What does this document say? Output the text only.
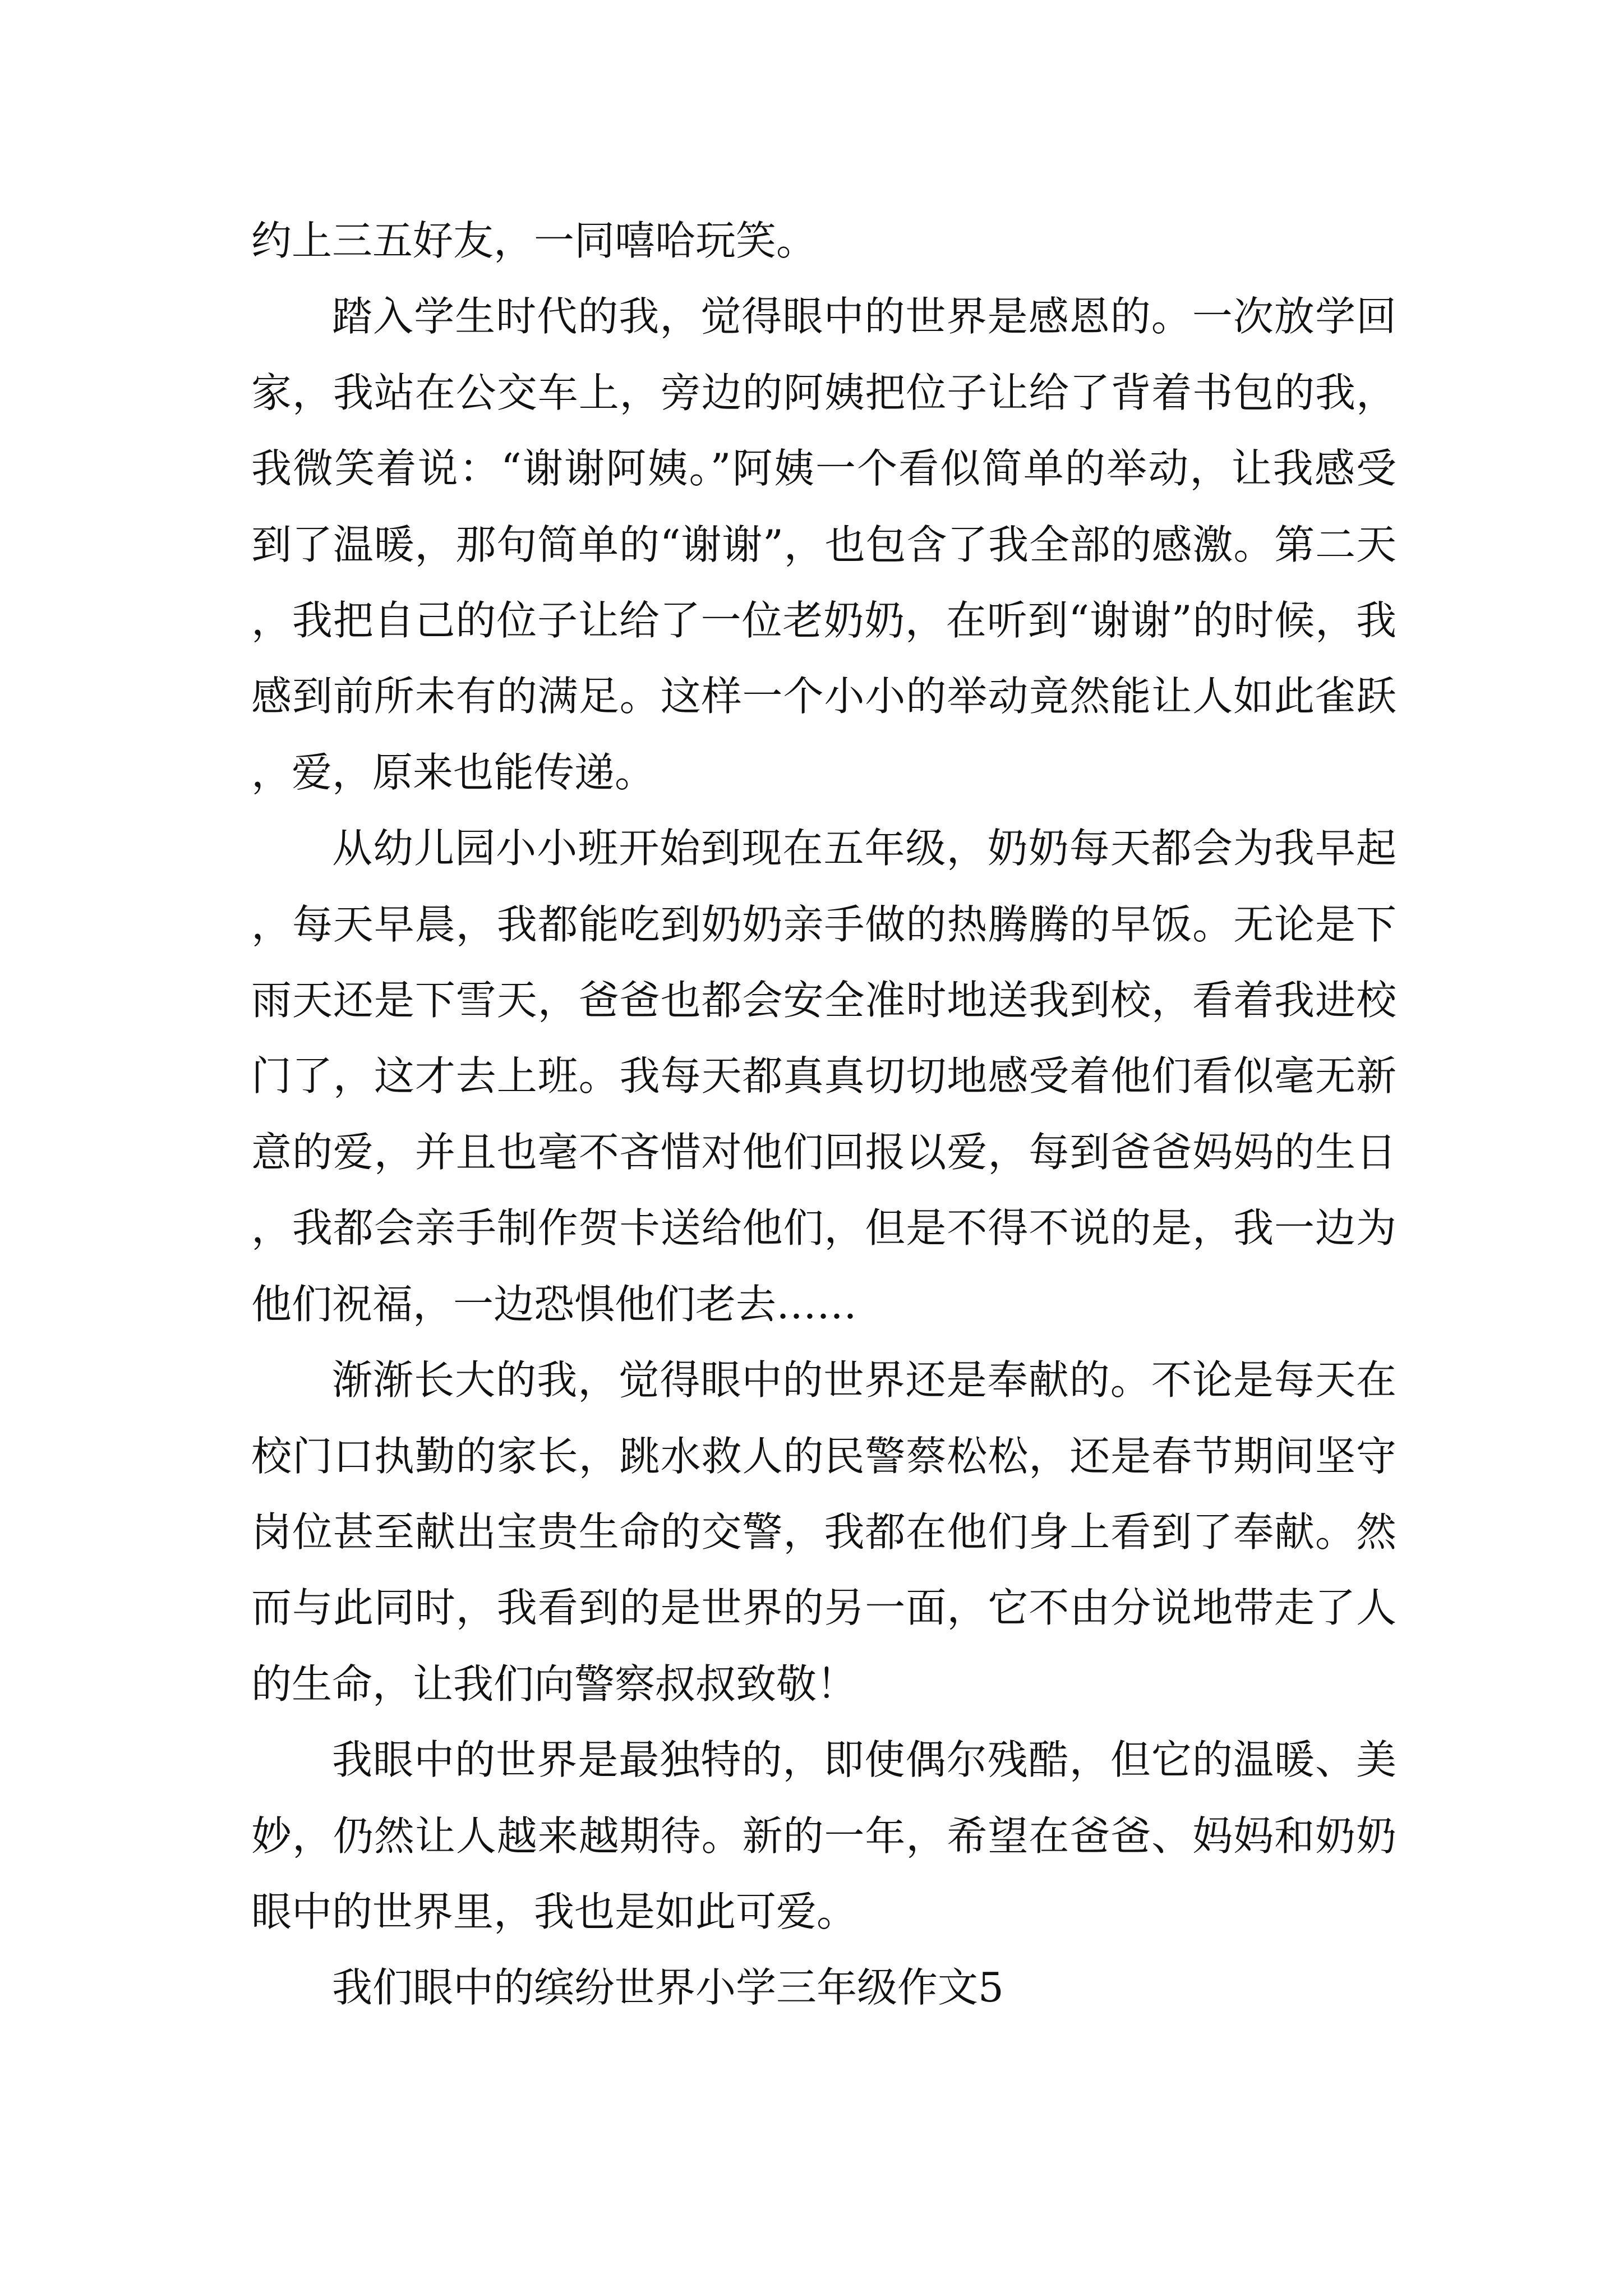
约上三五好友，一同嘻哈玩笑。

踏入学生时代的我，觉得眼中的世界是感恩的。一次放学回家，我站在公交车上，旁边的阿姨把位子让给了背着书包的我，我微笑着说：“谢谢阿姨。”阿姨一个看似简单的举动，让我感受到了温暖，那句简单的“谢谢”，也包含了我全部的感激。第二天，我把自己的位子让给了一位老奶奶，在听到“谢谢”的时候，我感到前所未有的满足。这样一个小小的举动竟然能让人如此雀跃，爱，原来也能传递。

从幼儿园小小班开始到现在五年级，奶奶每天都会为我早起，每天早晨，我都能吃到奶奶亲手做的热腾腾的早饭。无论是下雨天还是下雪天，爸爸也都会安全准时地送我到校，看着我进校门了，这才去上班。我每天都真真切切地感受着他们看似毫无新意的爱，并且也毫不吝惜对他们回报以爱，每到爸爸妈妈的生日，我都会亲手制作贺卡送给他们，但是不得不说的是，我一边为他们祝福，一边恐惧他们老去……

渐渐长大的我，觉得眼中的世界还是奉献的。不论是每天在校门口执勤的家长，跳水救人的民警蔡松松，还是春节期间坚守岗位甚至献出宝贵生命的交警，我都在他们身上看到了奉献。然而与此同时，我看到的是世界的另一面，它不由分说地带走了人的生命，让我们向警察叔叔致敬！

我眼中的世界是最独特的，即使偶尔残酷，但它的温暖、美妙，仍然让人越来越期待。新的一年，希望在爸爸、妈妈和奶奶眼中的世界里，我也是如此可爱。

我们眼中的缤纷世界小学三年级作文5
